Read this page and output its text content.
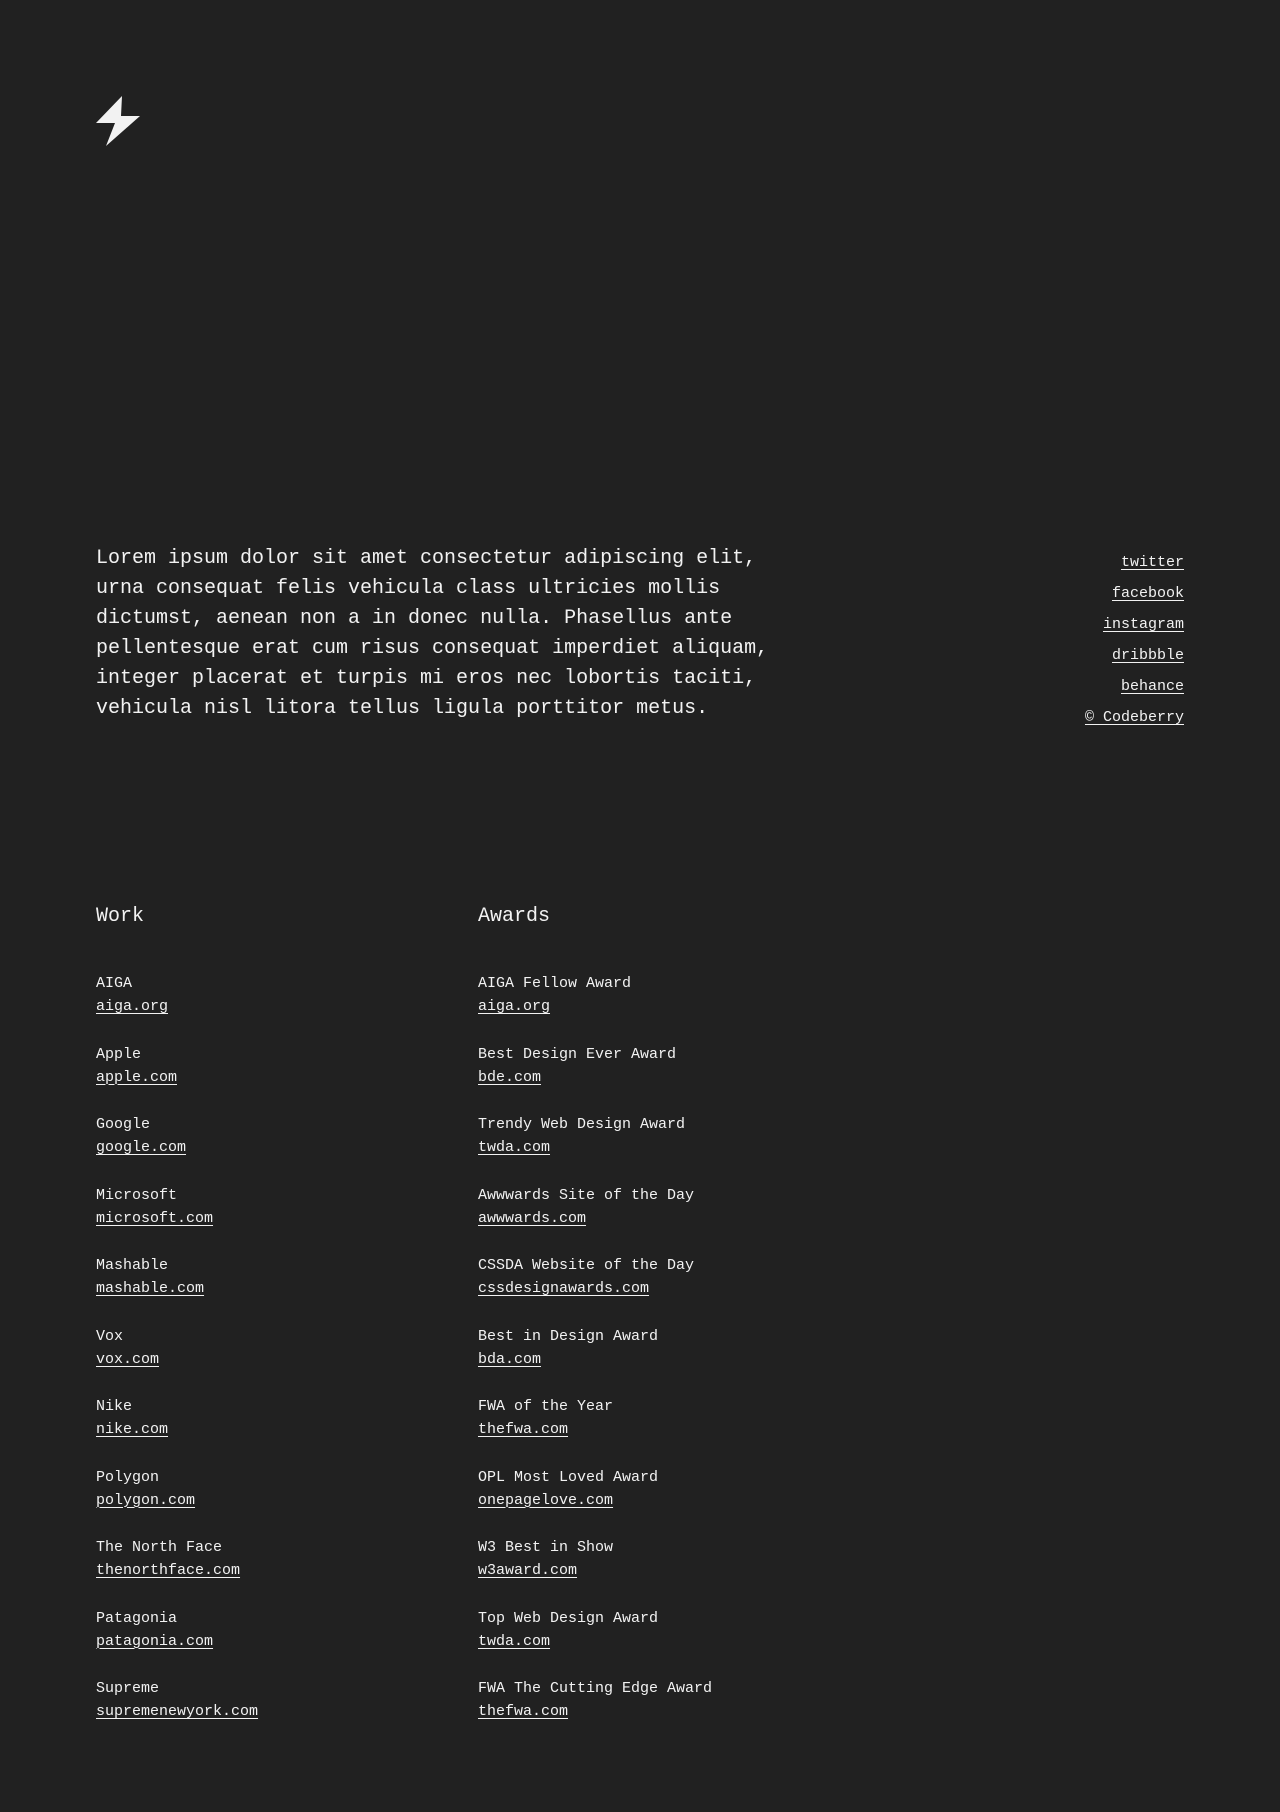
Lorem ipsum dolor sit amet consectetur adipiscing elit, urna consequat felis vehicula class ultricies mollis dictumst, aenean non a in donec nulla. Phasellus ante pellentesque erat cum risus consequat imperdiet aliquam, integer placerat et turpis mi eros nec lobortis taciti, vehicula nisl litora tellus ligula porttitor metus.

twitter
facebook
instagram
dribbble
behance
© Codeberry
Work
AIGA
aiga.org
Apple
apple.com
Google
google.com
Microsoft
microsoft.com
Mashable
mashable.com
Vox
vox.com
Nike
nike.com
Polygon
polygon.com
The North Face
thenorthface.com
Patagonia
patagonia.com
Supreme
supremenewyork.com
Awards
AIGA Fellow Award
aiga.org
Best Design Ever Award
bde.com
Trendy Web Design Award
twda.com
Awwwards Site of the Day
awwwards.com
CSSDA Website of the Day
cssdesignawards.com
Best in Design Award
bda.com
FWA of the Year
thefwa.com
OPL Most Loved Award
onepagelove.com
W3 Best in Show
w3award.com
Top Web Design Award
twda.com
FWA The Cutting Edge Award
thefwa.com
